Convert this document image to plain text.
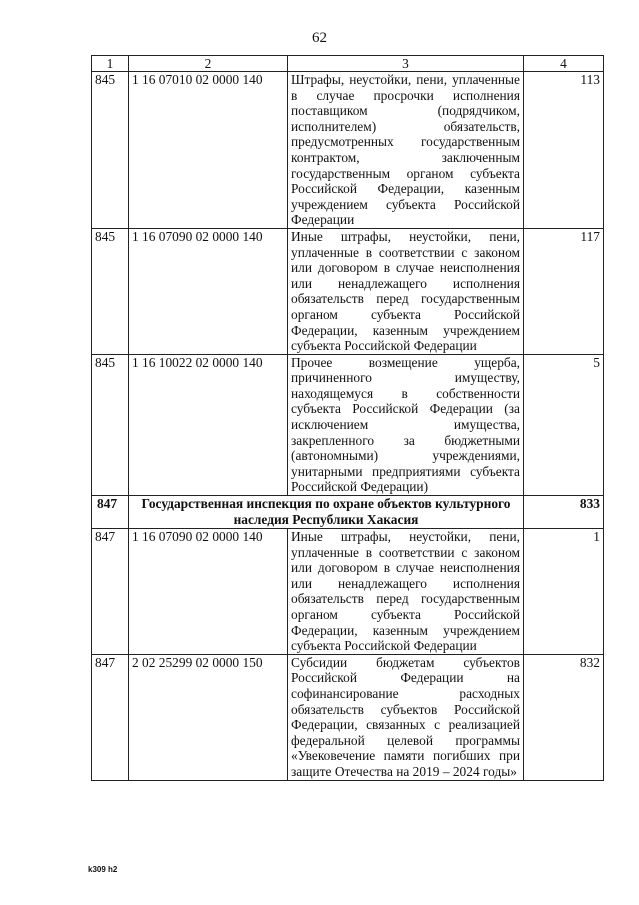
62
1	2	3	4
845	1 16 07010 02 0000 140	Штрафы, неустойки, пени, уплаченные в случае просрочки исполнения поставщиком (подрядчиком, исполнителем) обязательств, предусмотренных государственным контрактом, заключенным государственным органом субъекта Российской Федерации, казенным учреждением субъекта Российской Федерации	113
845	1 16 07090 02 0000 140	Иные штрафы, неустойки, пени, уплаченные в соответствии с законом или договором в случае неисполнения или ненадлежащего исполнения обязательств перед государственным органом субъекта Российской Федерации, казенным учреждением субъекта Российской Федерации	117
845	1 16 10022 02 0000 140	Прочее возмещение ущерба, причиненного имуществу, находящемуся в собственности субъекта Российской Федерации (за исключением имущества, закрепленного за бюджетными (автономными) учреждениями, унитарными предприятиями субъекта Российской Федерации)	5
847	Государственная инспекция по охране объектов культурного наследия Республики Хакасия		833
847	1 16 07090 02 0000 140	Иные штрафы, неустойки, пени, уплаченные в соответствии с законом или договором в случае неисполнения или ненадлежащего исполнения обязательств перед государственным органом субъекта Российской Федерации, казенным учреждением субъекта Российской Федерации	1
847	2 02 25299 02 0000 150	Субсидии бюджетам субъектов Российской Федерации на софинансирование расходных обязательств субъектов Российской Федерации, связанных с реализацией федеральной целевой программы «Увековечение памяти погибших при защите Отечества на 2019 – 2024 годы»	832
k309 h2
